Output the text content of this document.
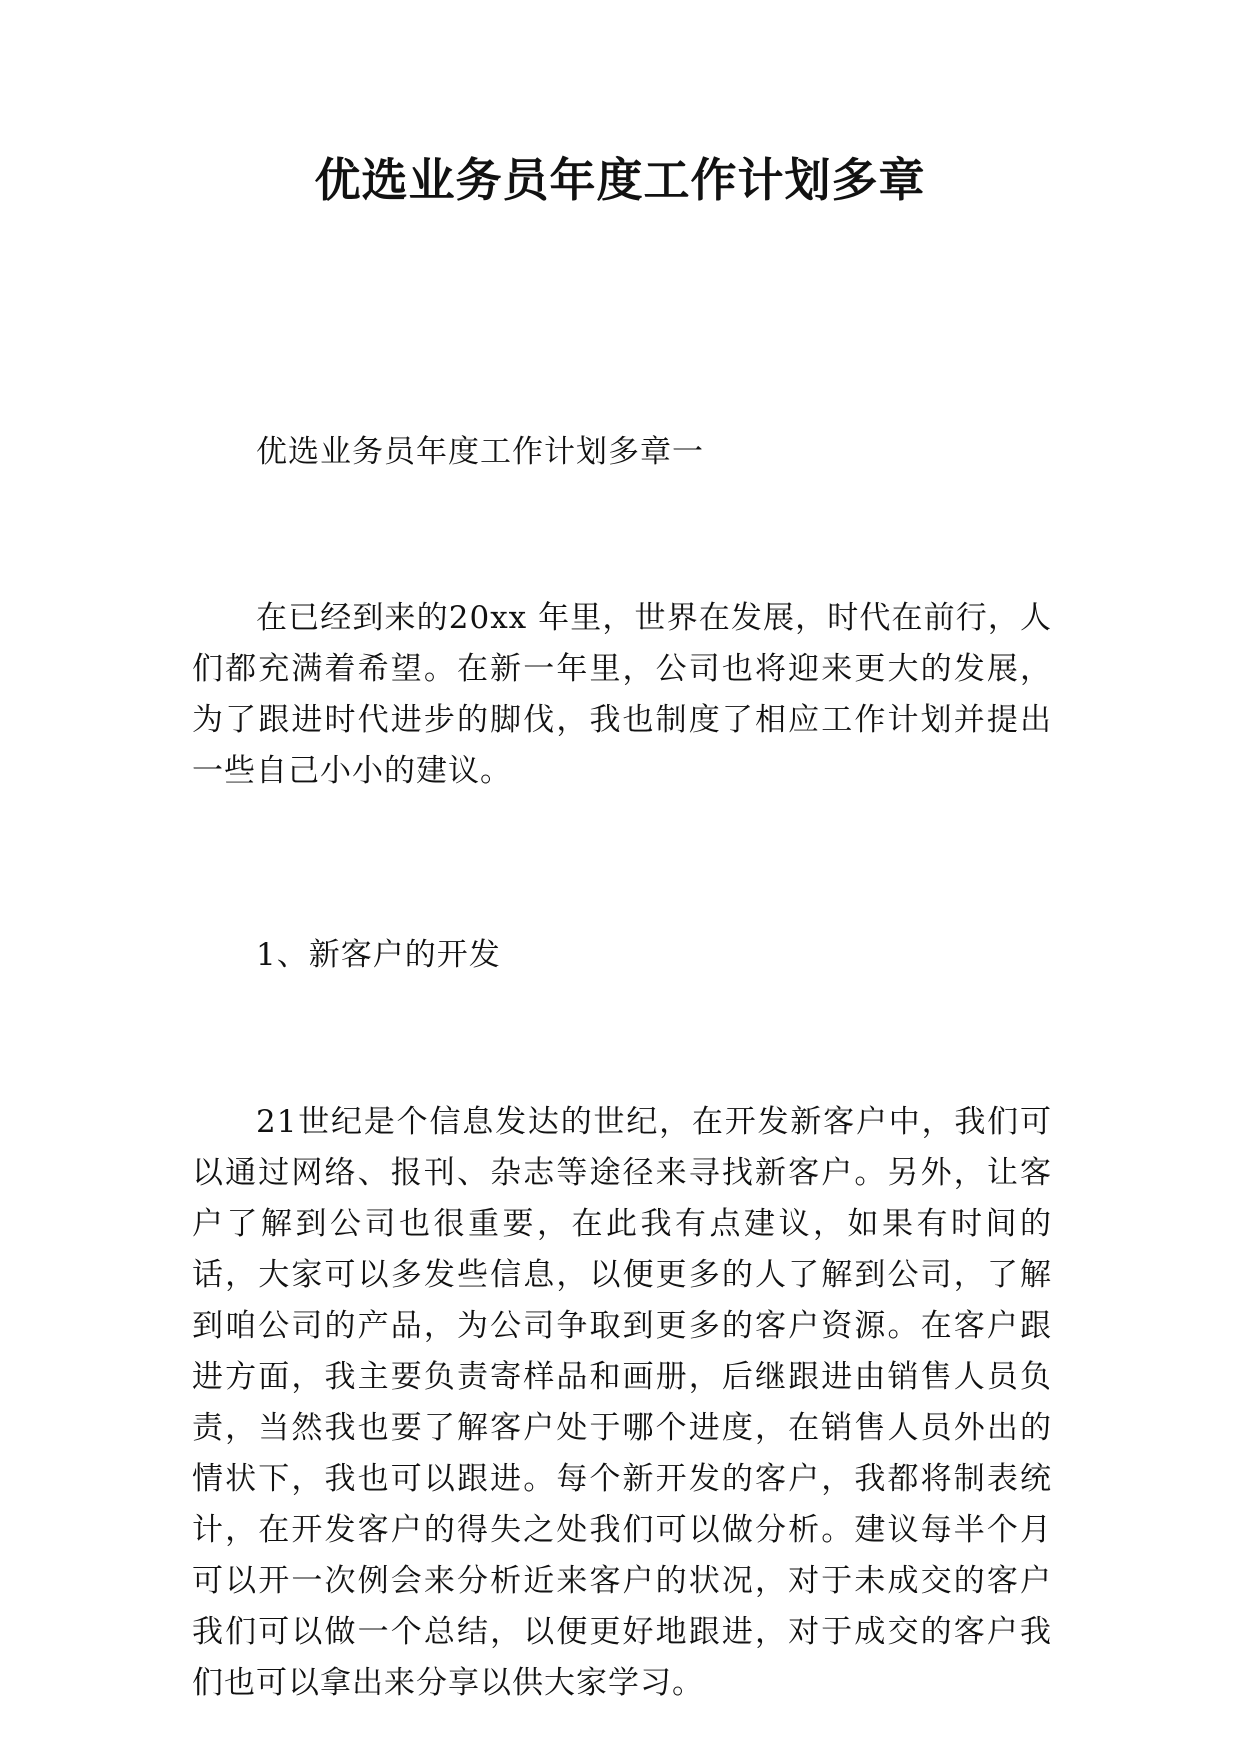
优选业务员年度工作计划多章

优选业务员年度工作计划多章一

在已经到来的20xx 年里，世界在发展，时代在前行，人们都充满着希望。在新一年里，公司也将迎来更大的发展，为了跟进时代进步的脚伐，我也制度了相应工作计划并提出一些自己小小的建议。

1、新客户的开发

21世纪是个信息发达的世纪，在开发新客户中，我们可以通过网络、报刊、杂志等途径来寻找新客户。另外，让客户了解到公司也很重要，在此我有点建议，如果有时间的话，大家可以多发些信息，以便更多的人了解到公司，了解到咱公司的产品，为公司争取到更多的客户资源。在客户跟进方面，我主要负责寄样品和画册，后继跟进由销售人员负责，当然我也要了解客户处于哪个进度，在销售人员外出的情状下，我也可以跟进。每个新开发的客户，我都将制表统计，在开发客户的得失之处我们可以做分析。建议每半个月可以开一次例会来分析近来客户的状况，对于未成交的客户我们可以做一个总结，以便更好地跟进，对于成交的客户我们也可以拿出来分享以供大家学习。
